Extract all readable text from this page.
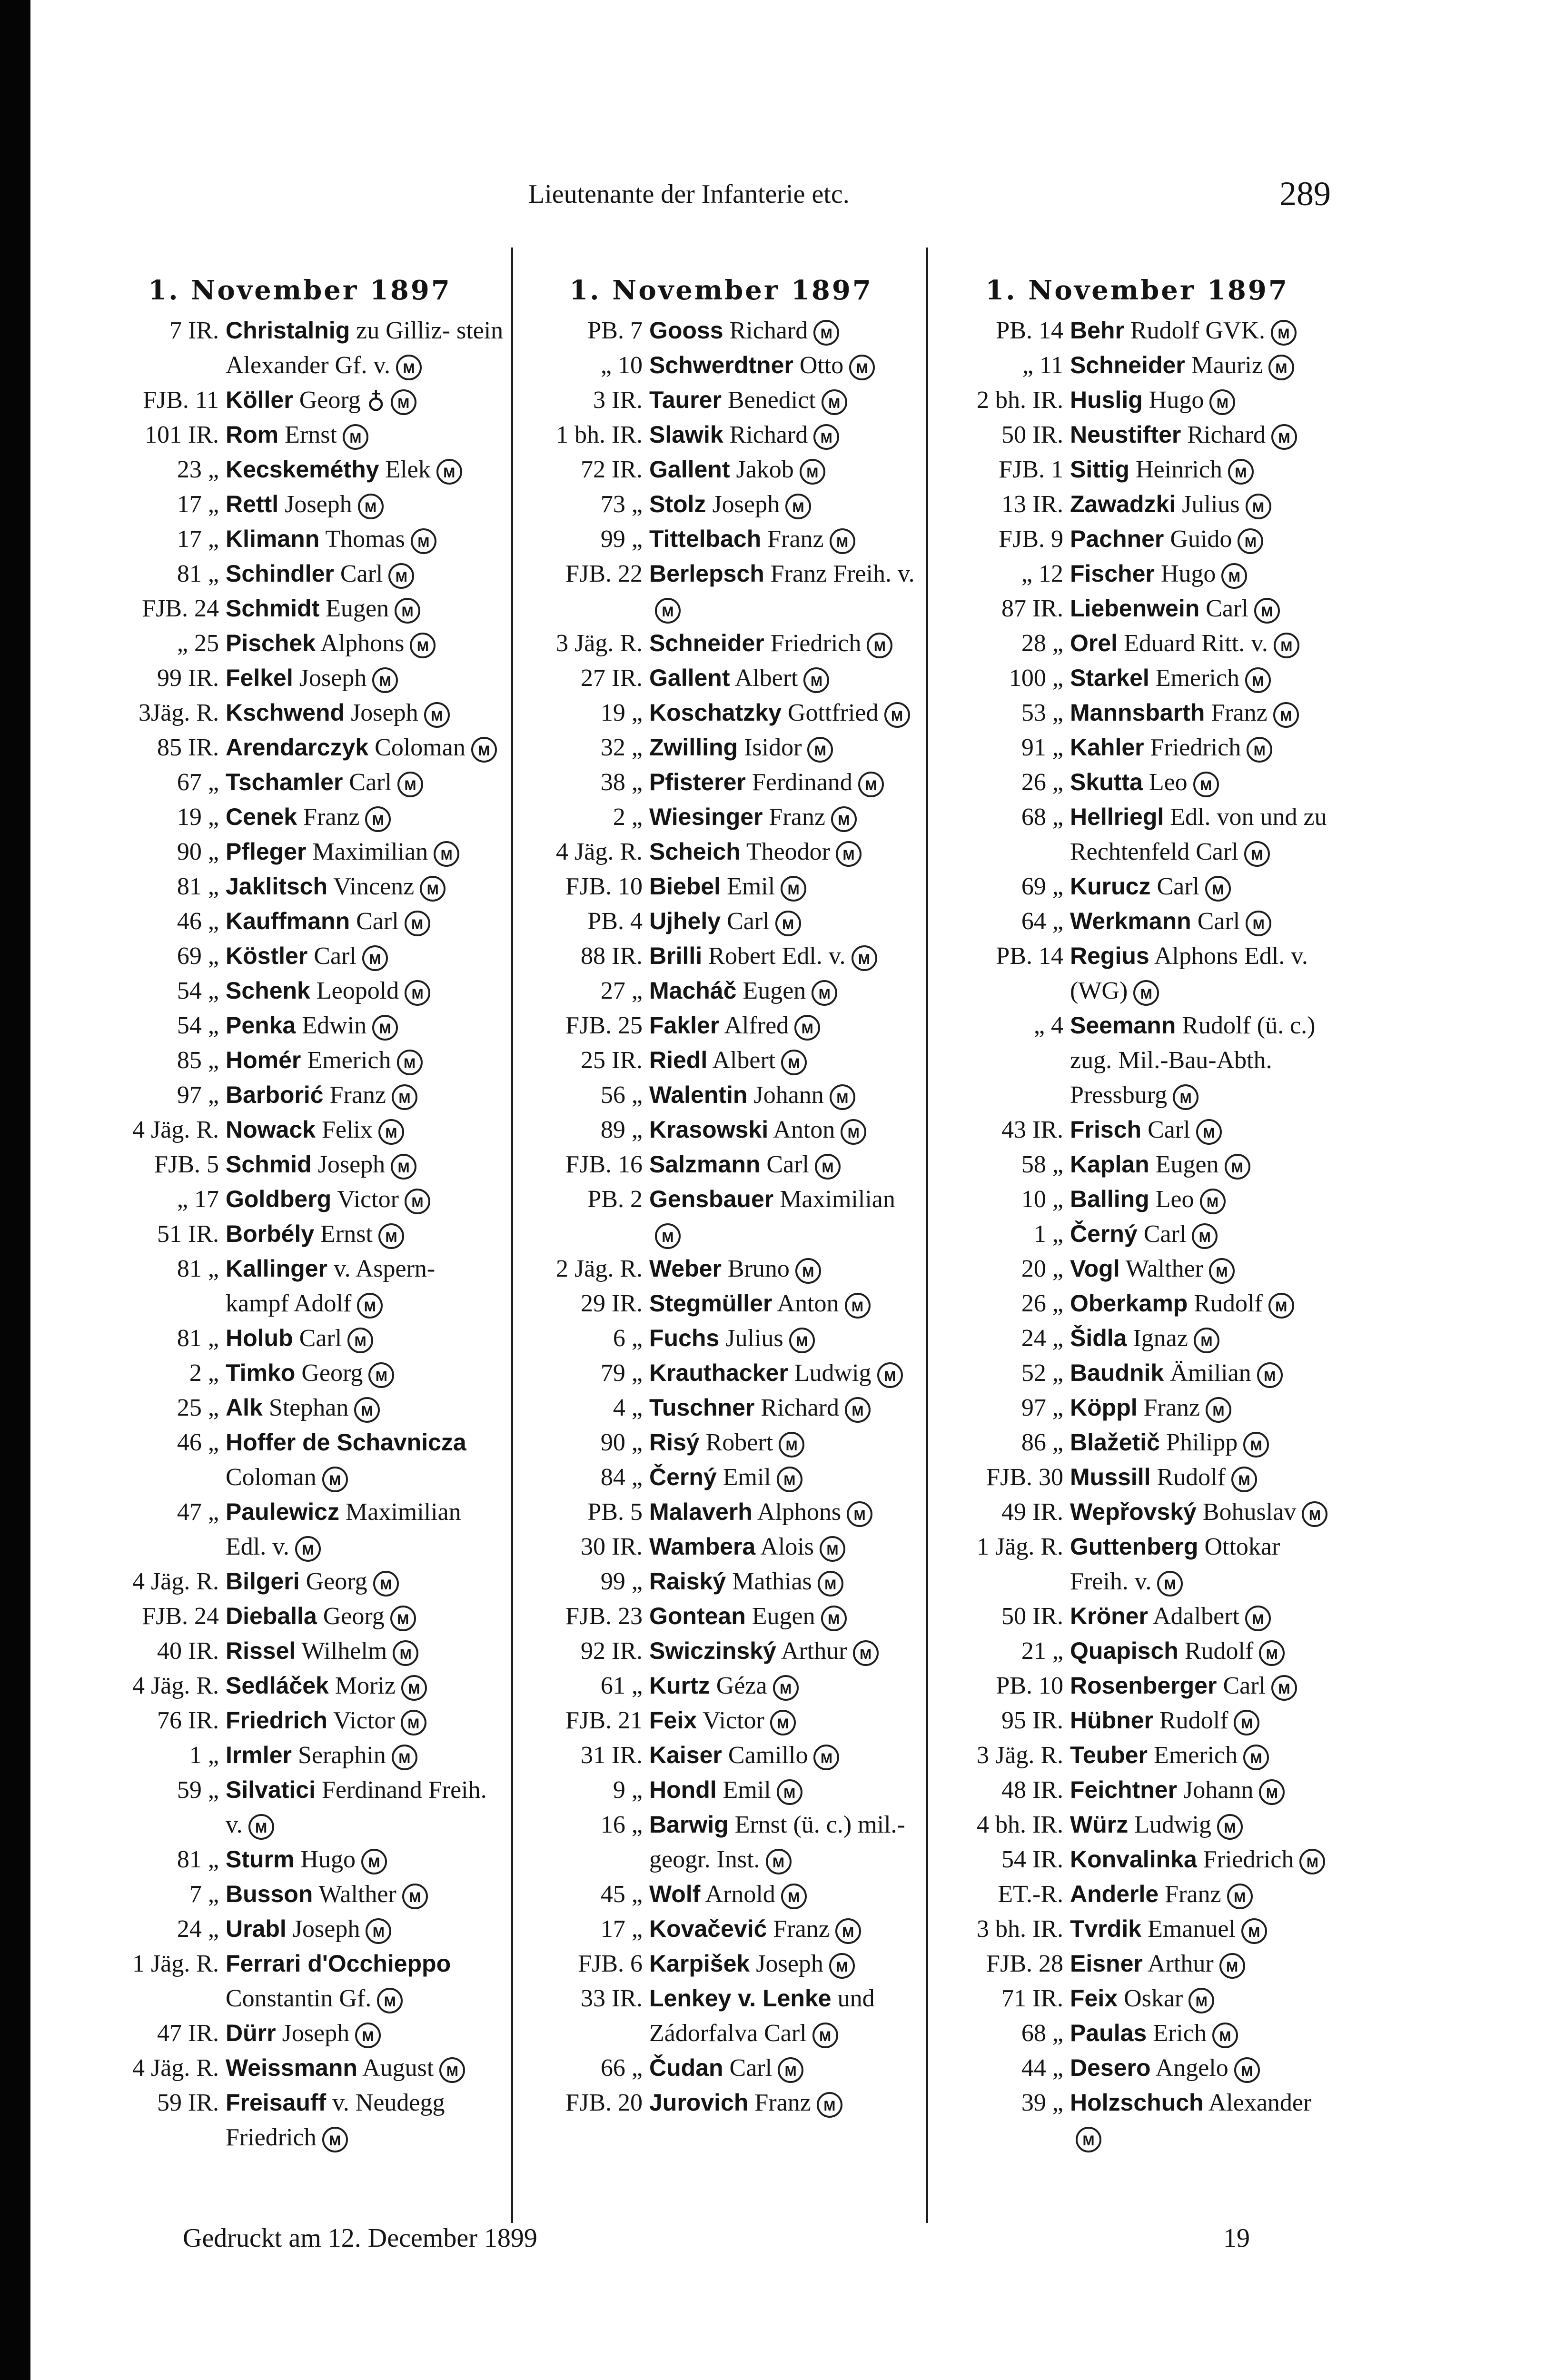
Lieutenante der Infanterie etc.	289
1. November 1897
7 IR. Christalnig zu Gilliz- stein Alexander Gf. v. M
FJB. 11 Köller Georg ♁ M
101 IR. Rom Ernst M
23 „ Kecskeméthy Elek M
17 „ Rettl Joseph M
17 „ Klimann Thomas M
81 „ Schindler Carl M
FJB. 24 Schmidt Eugen M
„ 25 Pischek Alphons M
99 IR. Felkel Joseph M
3Jäg. R. Kschwend Joseph M
85 IR. Arendarczyk Coloman M
67 „ Tschamler Carl M
19 „ Cenek Franz M
90 „ Pfleger Maximilian M
81 „ Jaklitsch Vincenz M
46 „ Kauffmann Carl M
69 „ Köstler Carl M
54 „ Schenk Leopold M
54 „ Penka Edwin M
85 „ Homér Emerich M
97 „ Barborić Franz M
4 Jäg. R. Nowack Felix M
FJB. 5 Schmid Joseph M
„ 17 Goldberg Victor M
51 IR. Borbély Ernst M
81 „ Kallinger v. Aspern- kampf Adolf M
81 „ Holub Carl M
2 „ Timko Georg M
25 „ Alk Stephan M
46 „ Hoffer de Schavnicza Coloman M
47 „ Paulewicz Maximilian Edl. v. M
4 Jäg. R. Bilgeri Georg M
FJB. 24 Dieballa Georg M
40 IR. Rissel Wilhelm M
4 Jäg. R. Sedláček Moriz M
76 IR. Friedrich Victor M
1 „ Irmler Seraphin M
59 „ Silvatici Ferdinand Freih. v. M
81 „ Sturm Hugo M
7 „ Busson Walther M
24 „ Urabl Joseph M
1 Jäg. R. Ferrari d'Occhieppo Constantin Gf. M
47 IR. Dürr Joseph M
4 Jäg. R. Weissmann August M
59 IR. Freisauff v. Neudegg Friedrich M
1. November 1897
PB. 7 Gooss Richard M
„ 10 Schwerdtner Otto M
3 IR. Taurer Benedict M
1 bh. IR. Slawik Richard M
72 IR. Gallent Jakob M
73 „ Stolz Joseph M
99 „ Tittelbach Franz M
FJB. 22 Berlepsch Franz Freih. v.M
3 Jäg. R. Schneider Friedrich M
27 IR. Gallent Albert M
19 „ Koschatzky Gottfried M
32 „ Zwilling Isidor M
38 „ Pfisterer Ferdinand M
2 „ Wiesinger Franz M
4 Jäg. R. Scheich Theodor M
FJB. 10 Biebel Emil M
PB. 4 Ujhely Carl M
88 IR. Brilli Robert Edl. v. M
27 „ Macháč Eugen M
FJB. 25 Fakler Alfred M
25 IR. Riedl Albert M
56 „ Walentin Johann M
89 „ Krasowski Anton M
FJB. 16 Salzmann Carl M
PB. 2 Gensbauer MaximilianM
2 Jäg. R. Weber Bruno M
29 IR. Stegmüller Anton M
6 „ Fuchs Julius M
79 „ Krauthacker Ludwig M
4 „ Tuschner Richard M
90 „ Risý Robert M
84 „ Černý Emil M
PB. 5 Malaverh Alphons M
30 IR. Wambera Alois M
99 „ Raiský Mathias M
FJB. 23 Gontean Eugen M
92 IR. Swiczinský Arthur M
61 „ Kurtz Géza M
FJB. 21 Feix Victor M
31 IR. Kaiser Camillo M
9 „ Hondl Emil M
16 „ Barwig Ernst (ü. c.) mil.-geogr. Inst. M
45 „ Wolf Arnold M
17 „ Kovačević Franz M
FJB. 6 Karpišek Joseph M
33 IR. Lenkey v. Lenke und Zádorfalva Carl M
66 „ Čudan Carl M
FJB. 20 Jurovich Franz M
1. November 1897
PB. 14 Behr Rudolf GVK. M
„ 11 Schneider Mauriz M
2 bh. IR. Huslig Hugo M
50 IR. Neustifter Richard M
FJB. 1 Sittig Heinrich M
13 IR. Zawadzki Julius M
FJB. 9 Pachner Guido M
„ 12 Fischer Hugo M
87 IR. Liebenwein Carl M
28 „ Orel Eduard Ritt. v. M
100 „ Starkel Emerich M
53 „ Mannsbarth Franz M
91 „ Kahler Friedrich M
26 „ Skutta Leo M
68 „ Hellriegl Edl. von und zu Rechtenfeld Carl M
69 „ Kurucz Carl M
64 „ Werkmann Carl M
PB. 14 Regius Alphons Edl. v. (WG) M
„ 4 Seemann Rudolf (ü. c.) zug. Mil.-Bau-Abth. Pressburg M
43 IR. Frisch Carl M
58 „ Kaplan Eugen M
10 „ Balling Leo M
1 „ Černý Carl M
20 „ Vogl Walther M
26 „ Oberkamp Rudolf M
24 „ Šidla Ignaz M
52 „ Baudnik Ämilian M
97 „ Köppl Franz M
86 „ Blažetič Philipp M
FJB. 30 Mussill Rudolf M
49 IR. Wepřovský Bohuslav M
1 Jäg. R. Guttenberg Ottokar Freih. v. M
50 IR. Kröner Adalbert M
21 „ Quapisch Rudolf M
PB. 10 Rosenberger Carl M
95 IR. Hübner Rudolf M
3 Jäg. R. Teuber Emerich M
48 IR. Feichtner Johann M
4 bh. IR. Würz Ludwig M
54 IR. Konvalinka Friedrich M
ET.-R. Anderle Franz M
3 bh. IR. Tvrdik Emanuel M
FJB. 28 Eisner Arthur M
71 IR. Feix Oskar M
68 „ Paulas Erich M
44 „ Desero Angelo M
39 „ Holzschuch AlexanderM
Gedruckt am 12. December 1899	19
